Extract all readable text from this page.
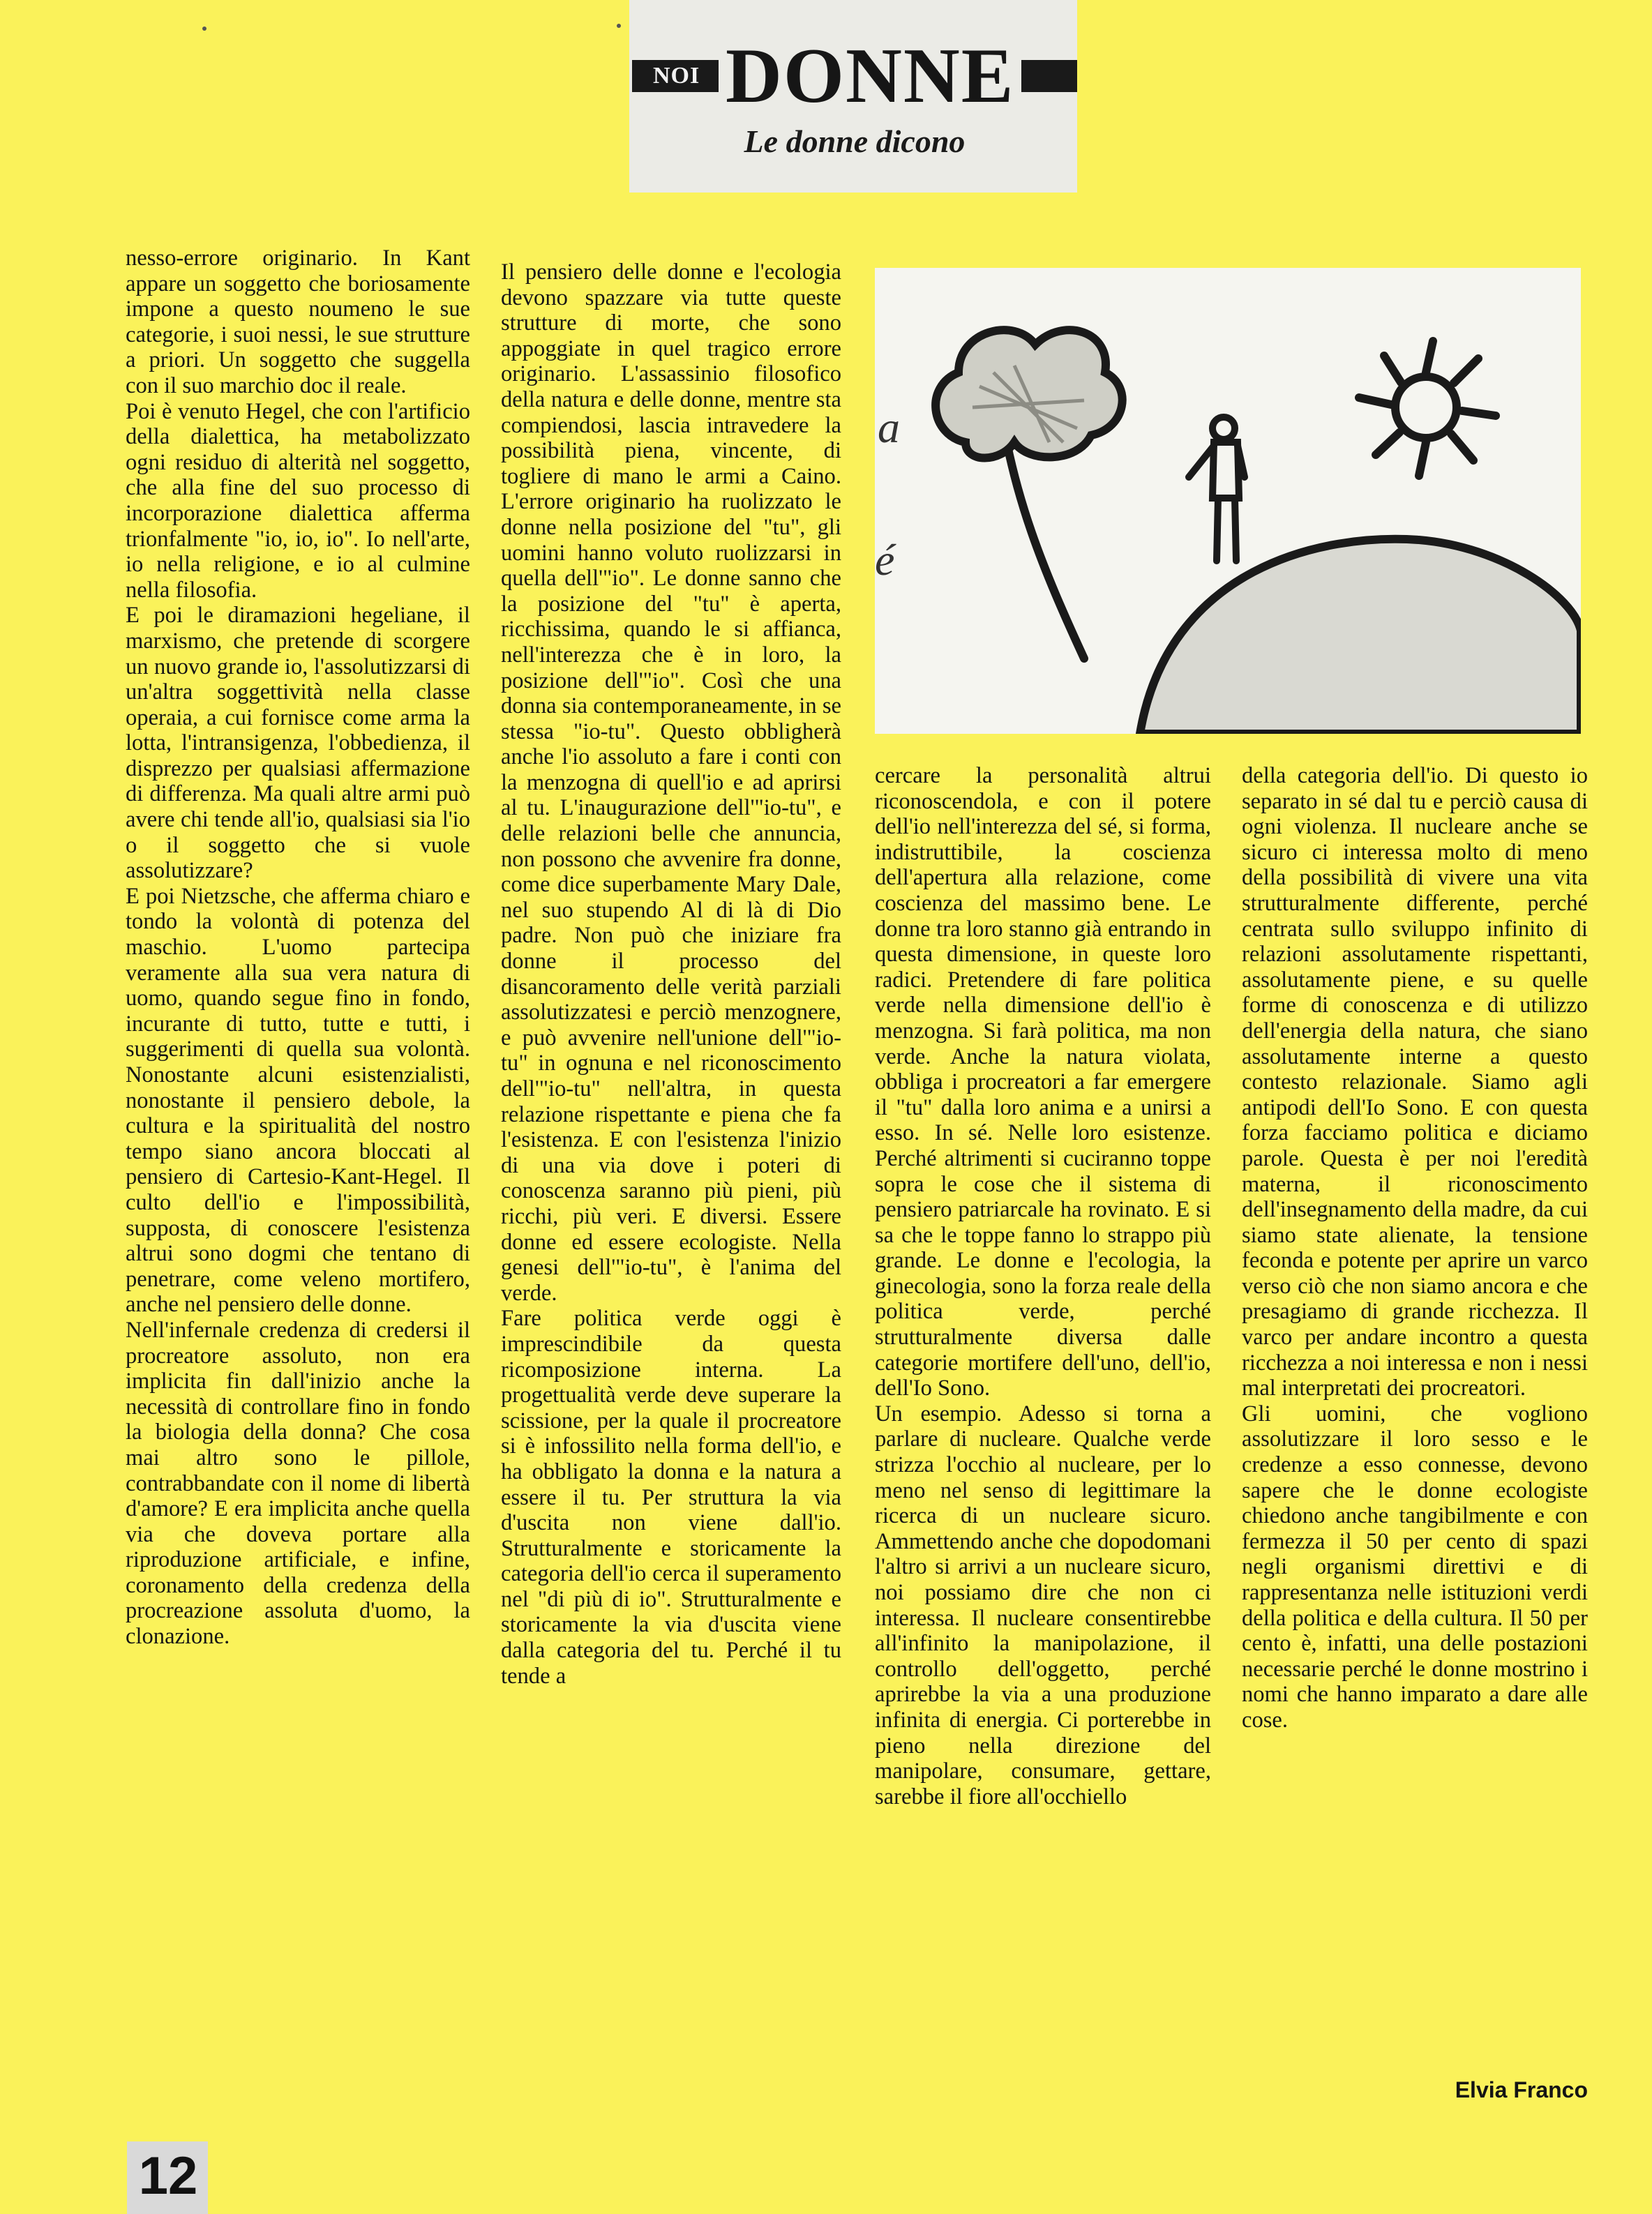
NOI DONNE
Le donne dicono

nesso-errore originario. In Kant appare un soggetto che boriosamente impone a questo noumeno le sue categorie, i suoi nessi, le sue strutture a priori. Un soggetto che suggella con il suo marchio doc il reale.

Poi è venuto Hegel, che con l'artificio della dialettica, ha metabolizzato ogni residuo di alterità nel soggetto, che alla fine del suo processo di incorporazione dialettica afferma trionfalmente "io, io, io". Io nell'arte, io nella religione, e io al culmine nella filosofia.

E poi le diramazioni hegeliane, il marxismo, che pretende di scorgere un nuovo grande io, l'assolutizzarsi di un'altra soggettività nella classe operaia, a cui fornisce come arma la lotta, l'intransigenza, l'obbedienza, il disprezzo per qualsiasi affermazione di differenza. Ma quali altre armi può avere chi tende all'io, qualsiasi sia l'io o il soggetto che si vuole assolutizzare?

E poi Nietzsche, che afferma chiaro e tondo la volontà di potenza del maschio. L'uomo partecipa veramente alla sua vera natura di uomo, quando segue fino in fondo, incurante di tutto, tutte e tutti, i suggerimenti di quella sua volontà. Nonostante alcuni esistenzialisti, nonostante il pensiero debole, la cultura e la spiritualità del nostro tempo siano ancora bloccati al pensiero di Cartesio-Kant-Hegel. Il culto dell'io e l'impossibilità, supposta, di conoscere l'esistenza altrui sono dogmi che tentano di penetrare, come veleno mortifero, anche nel pensiero delle donne.

Nell'infernale credenza di credersi il procreatore assoluto, non era implicita fin dall'inizio anche la necessità di controllare fino in fondo la biologia della donna? Che cosa mai altro sono le pillole, contrabbandate con il nome di libertà d'amore? E era implicita anche quella via che doveva portare alla riproduzione artificiale, e infine, coronamento della credenza della procreazione assoluta d'uomo, la clonazione.

Il pensiero delle donne e l'ecologia devono spazzare via tutte queste strutture di morte, che sono appoggiate in quel tragico errore originario. L'assassinio filosofico della natura e delle donne, mentre sta compiendosi, lascia intravedere la possibilità piena, vincente, di togliere di mano le armi a Caino. L'errore originario ha ruolizzato le donne nella posizione del "tu", gli uomini hanno voluto ruolizzarsi in quella dell'"io". Le donne sanno che la posizione del "tu" è aperta, ricchissima, quando le si affianca, nell'interezza che è in loro, la posizione dell'"io". Così che una donna sia contemporaneamente, in se stessa "io-tu". Questo obbligherà anche l'io assoluto a fare i conti con la menzogna di quell'io e ad aprirsi al tu. L'inaugurazione dell'"io-tu", e delle relazioni belle che annuncia, non possono che avvenire fra donne, come dice superbamente Mary Dale, nel suo stupendo Al di là di Dio padre. Non può che iniziare fra donne il processo del disancoramento delle verità parziali assolutizzatesi e perciò menzognere, e può avvenire nell'unione dell'"io-tu" in ognuna e nel riconoscimento dell'"io-tu" nell'altra, in questa relazione rispettante e piena che fa l'esistenza. E con l'esistenza l'inizio di una via dove i poteri di conoscenza saranno più pieni, più ricchi, più veri. E diversi. Essere donne ed essere ecologiste. Nella genesi dell'"io-tu", è l'anima del verde.

Fare politica verde oggi è imprescindibile da questa ricomposizione interna. La progettualità verde deve superare la scissione, per la quale il procreatore si è infossilito nella forma dell'io, e ha obbligato la donna e la natura a essere il tu. Per struttura la via d'uscita non viene dall'io. Strutturalmente e storicamente la categoria dell'io cerca il superamento nel "di più di io". Strutturalmente e storicamente la via d'uscita viene dalla categoria del tu. Perché il tu tende a

a
é

cercare la personalità altrui riconoscendola, e con il potere dell'io nell'interezza del sé, si forma, indistruttibile, la coscienza dell'apertura alla relazione, come coscienza del massimo bene. Le donne tra loro stanno già entrando in questa dimensione, in queste loro radici. Pretendere di fare politica verde nella dimensione dell'io è menzogna. Si farà politica, ma non verde. Anche la natura violata, obbliga i procreatori a far emergere il "tu" dalla loro anima e a unirsi a esso. In sé. Nelle loro esistenze. Perché altrimenti si cuciranno toppe sopra le cose che il sistema di pensiero patriarcale ha rovinato. E si sa che le toppe fanno lo strappo più grande. Le donne e l'ecologia, la ginecologia, sono la forza reale della politica verde, perché strutturalmente diversa dalle categorie mortifere dell'uno, dell'io, dell'Io Sono.

Un esempio. Adesso si torna a parlare di nucleare. Qualche verde strizza l'occhio al nucleare, per lo meno nel senso di legittimare la ricerca di un nucleare sicuro. Ammettendo anche che dopodomani l'altro si arrivi a un nucleare sicuro, noi possiamo dire che non ci interessa. Il nucleare consentirebbe all'infinito la manipolazione, il controllo dell'oggetto, perché aprirebbe la via a una produzione infinita di energia. Ci porterebbe in pieno nella direzione del manipolare, consumare, gettare, sarebbe il fiore all'occhiello

della categoria dell'io. Di questo io separato in sé dal tu e perciò causa di ogni violenza. Il nucleare anche se sicuro ci interessa molto di meno della possibilità di vivere una vita strutturalmente differente, perché centrata sullo sviluppo infinito di relazioni assolutamente rispettanti, assolutamente piene, e su quelle forme di conoscenza e di utilizzo dell'energia della natura, che siano assolutamente interne a questo contesto relazionale. Siamo agli antipodi dell'Io Sono. E con questa forza facciamo politica e diciamo parole. Questa è per noi l'eredità materna, il riconoscimento dell'insegnamento della madre, da cui siamo state alienate, la tensione feconda e potente per aprire un varco verso ciò che non siamo ancora e che presagiamo di grande ricchezza. Il varco per andare incontro a questa ricchezza a noi interessa e non i nessi mal interpretati dei procreatori.

Gli uomini, che vogliono assolutizzare il loro sesso e le credenze a esso connesse, devono sapere che le donne ecologiste chiedono anche tangibilmente e con fermezza il 50 per cento di spazi negli organismi direttivi e di rappresentanza nelle istituzioni verdi della politica e della cultura. Il 50 per cento è, infatti, una delle postazioni necessarie perché le donne mostrino i nomi che hanno imparato a dare alle cose.

Elvia Franco
12
